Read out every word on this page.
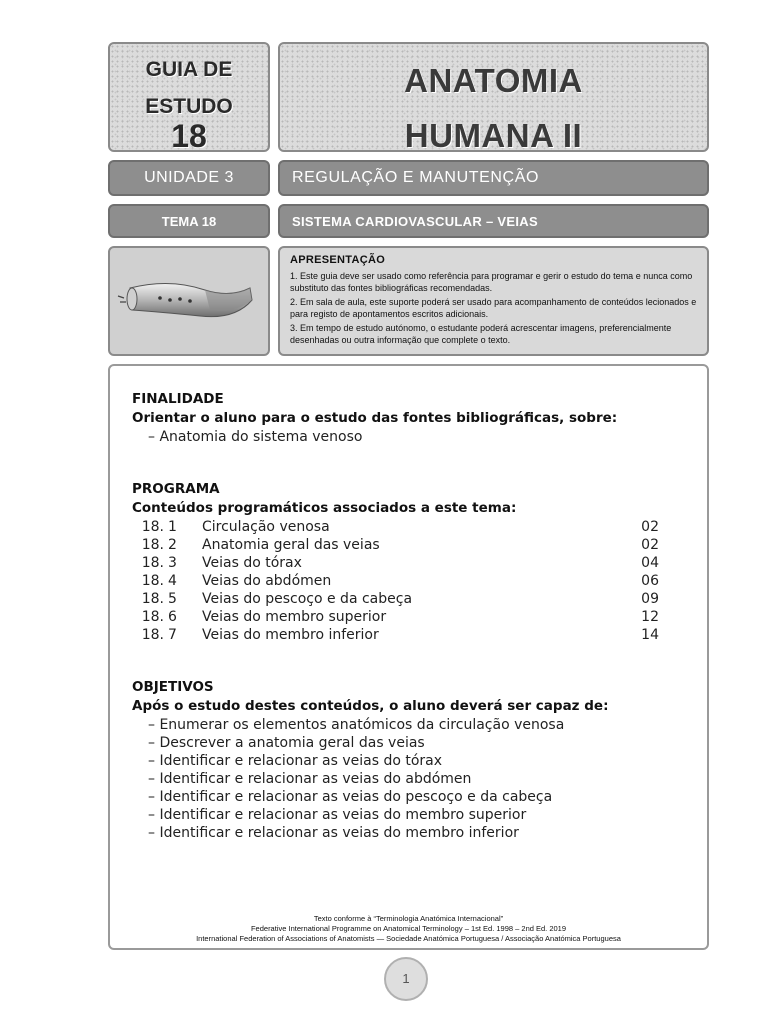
GUIA DE
ESTUDO
18
ANATOMIA
HUMANA II
UNIDADE 3	REGULAÇÃO E MANUTENÇÃO
TEMA 18	SISTEMA CARDIOVASCULAR – VEIAS
APRESENTAÇÃO
1. Este guia deve ser usado como referência para programar e gerir o estudo do tema e nunca como substituto das fontes bibliográficas recomendadas.
2. Em sala de aula, este suporte poderá ser usado para acompanhamento de conteúdos lecionados e para registo de apontamentos escritos adicionais.
3. Em tempo de estudo autónomo, o estudante poderá acrescentar imagens, preferencialmente desenhadas ou outra informação que complete o texto.
FINALIDADE
Orientar o aluno para o estudo das fontes bibliográficas, sobre:
– Anatomia do sistema venoso
PROGRAMA
Conteúdos programáticos associados a este tema:
18. 1	Circulação venosa	02
18. 2	Anatomia geral das veias	02
18. 3	Veias do tórax	04
18. 4	Veias do abdómen	06
18. 5	Veias do pescoço e da cabeça	09
18. 6	Veias do membro superior	12
18. 7	Veias do membro inferior	14
OBJETIVOS
Após o estudo destes conteúdos, o aluno deverá ser capaz de:
– Enumerar os elementos anatómicos da circulação venosa
– Descrever a anatomia geral das veias
– Identificar e relacionar as veias do tórax
– Identificar e relacionar as veias do abdómen
– Identificar e relacionar as veias do pescoço e da cabeça
– Identificar e relacionar as veias do membro superior
– Identificar e relacionar as veias do membro inferior
Texto conforme à “Terminologia Anatómica Internacional”
Federative International Programme on Anatomical Terminology – 1st Ed. 1998 – 2nd Ed. 2019
International Federation of Associations of Anatomists — Sociedade Anatómica Portuguesa / Associação Anatómica Portuguesa
1
